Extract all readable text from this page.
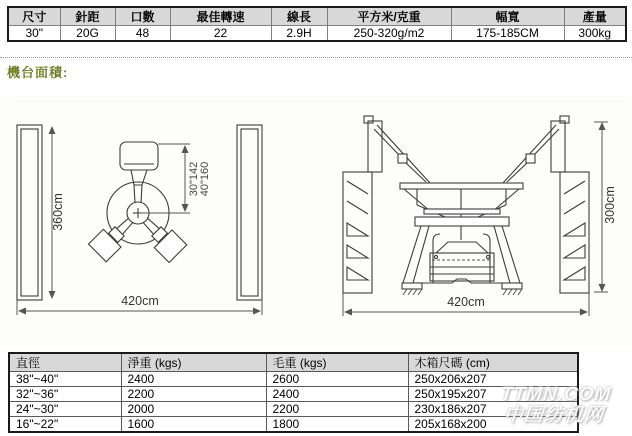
尺寸	針距	口數	最佳轉速	線長	平方米/克重	幅寬	產量
30"	20G	48	22	2.9H	250-320g/m2	175-185CM	300kg
機台面積:
360cm
30"142 40"160
420cm
300cm
420cm
直徑	淨重 (kgs)	毛重 (kgs)	木箱尺碼 (cm)
38"~40"	2400	2600	250x206x207
32"~36"	2200	2400	250x195x207
24"~30"	2000	2200	230x186x207
16"~22"	1600	1800	205x168x200
TTMN.COM
中国纺机网
